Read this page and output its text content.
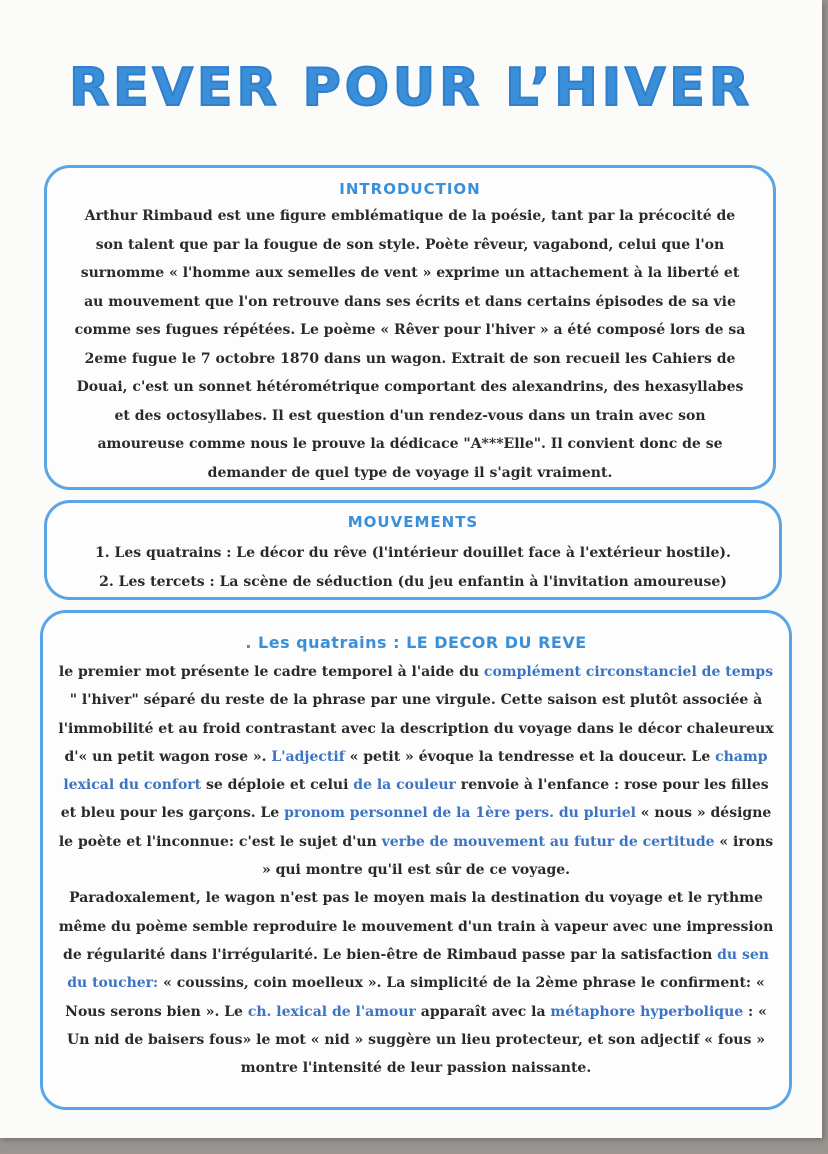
REVER POUR L’HIVER
INTRODUCTION
Arthur Rimbaud est une figure emblématique de la poésie, tant par la précocité de son talent que par la fougue de son style. Poète rêveur, vagabond, celui que l'on surnomme « l'homme aux semelles de vent » exprime un attachement à la liberté et au mouvement que l'on retrouve dans ses écrits et dans certains épisodes de sa vie comme ses fugues répétées. Le poème « Rêver pour l'hiver » a été composé lors de sa 2eme fugue le 7 octobre 1870 dans un wagon. Extrait de son recueil les Cahiers de Douai, c'est un sonnet hétérométrique comportant des alexandrins, des hexasyllabes et des octosyllabes. Il est question d'un rendez-vous dans un train avec son amoureuse comme nous le prouve la dédicace "A***Elle". Il convient donc de se demander de quel type de voyage il s'agit vraiment.
MOUVEMENTS
1. Les quatrains : Le décor du rêve (l'intérieur douillet face à l'extérieur hostile).
2. Les tercets : La scène de séduction (du jeu enfantin à l'invitation amoureuse)
. Les quatrains : LE DECOR DU REVE
le premier mot présente le cadre temporel à l'aide du complément circonstanciel de temps " l'hiver" séparé du reste de la phrase par une virgule. Cette saison est plutôt associée à l'immobilité et au froid contrastant avec la description du voyage dans le décor chaleureux d'« un petit wagon rose ». L'adjectif « petit » évoque la tendresse et la douceur. Le champ lexical du confort se déploie et celui de la couleur renvoie à l'enfance : rose pour les filles et bleu pour les garçons. Le pronom personnel de la 1ère pers. du pluriel « nous » désigne le poète et l'inconnue: c'est le sujet d'un verbe de mouvement au futur de certitude « irons » qui montre qu'il est sûr de ce voyage.
Paradoxalement, le wagon n'est pas le moyen mais la destination du voyage et le rythme même du poème semble reproduire le mouvement d'un train à vapeur avec une impression de régularité dans l'irrégularité. Le bien-être de Rimbaud passe par la satisfaction du sen du toucher: « coussins, coin moelleux ». La simplicité de la 2ème phrase le confirment: « Nous serons bien ». Le ch. lexical de l'amour apparaît avec la métaphore hyperbolique : « Un nid de baisers fous» le mot « nid » suggère un lieu protecteur, et son adjectif « fous » montre l'intensité de leur passion naissante.
